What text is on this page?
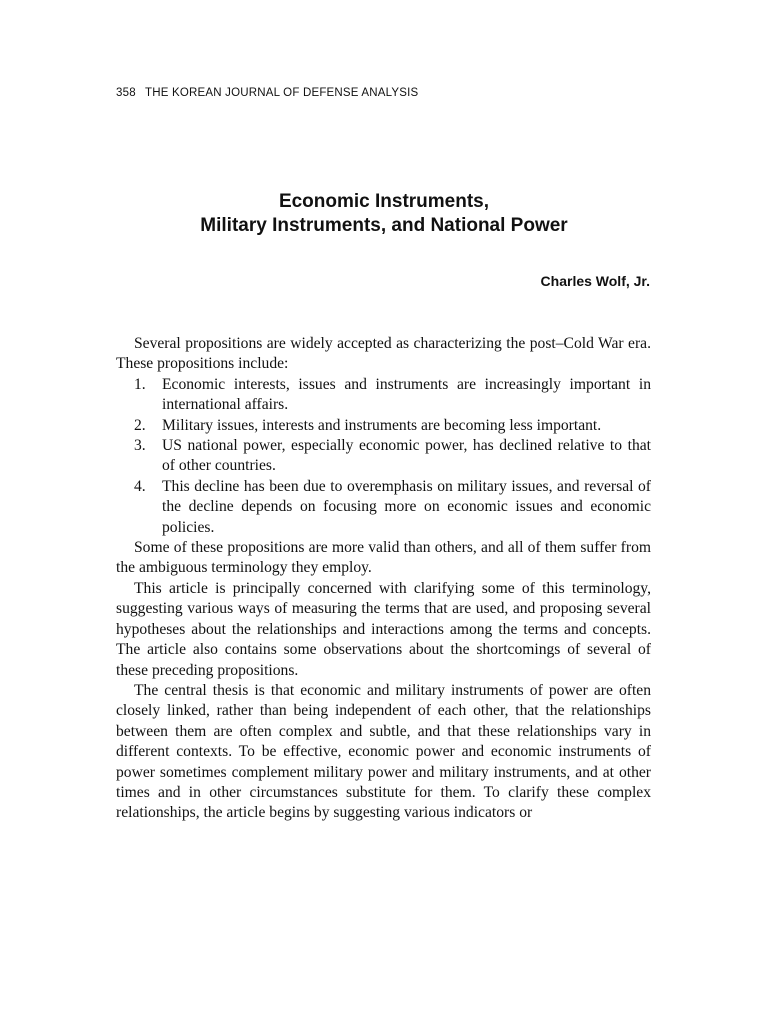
358 THE KOREAN JOURNAL OF DEFENSE ANALYSIS
Economic Instruments,
Military Instruments, and National Power
Charles Wolf, Jr.

Several propositions are widely accepted as characterizing the post–Cold War era. These propositions include:

1. Economic interests, issues and instruments are increasingly important in international affairs.
2. Military issues, interests and instruments are becoming less important.
3. US national power, especially economic power, has declined relative to that of other countries.
4. This decline has been due to overemphasis on military issues, and reversal of the decline depends on focusing more on economic issues and economic policies.

Some of these propositions are more valid than others, and all of them suffer from the ambiguous terminology they employ.

This article is principally concerned with clarifying some of this terminology, suggesting various ways of measuring the terms that are used, and proposing several hypotheses about the relationships and interactions among the terms and concepts. The article also contains some observations about the shortcomings of several of these preceding propositions.

The central thesis is that economic and military instruments of power are often closely linked, rather than being independent of each other, that the relationships between them are often complex and subtle, and that these relationships vary in different contexts. To be effective, economic power and economic instruments of power sometimes complement military power and military instruments, and at other times and in other circumstances substitute for them. To clarify these complex relationships, the article begins by suggesting various indicators or
